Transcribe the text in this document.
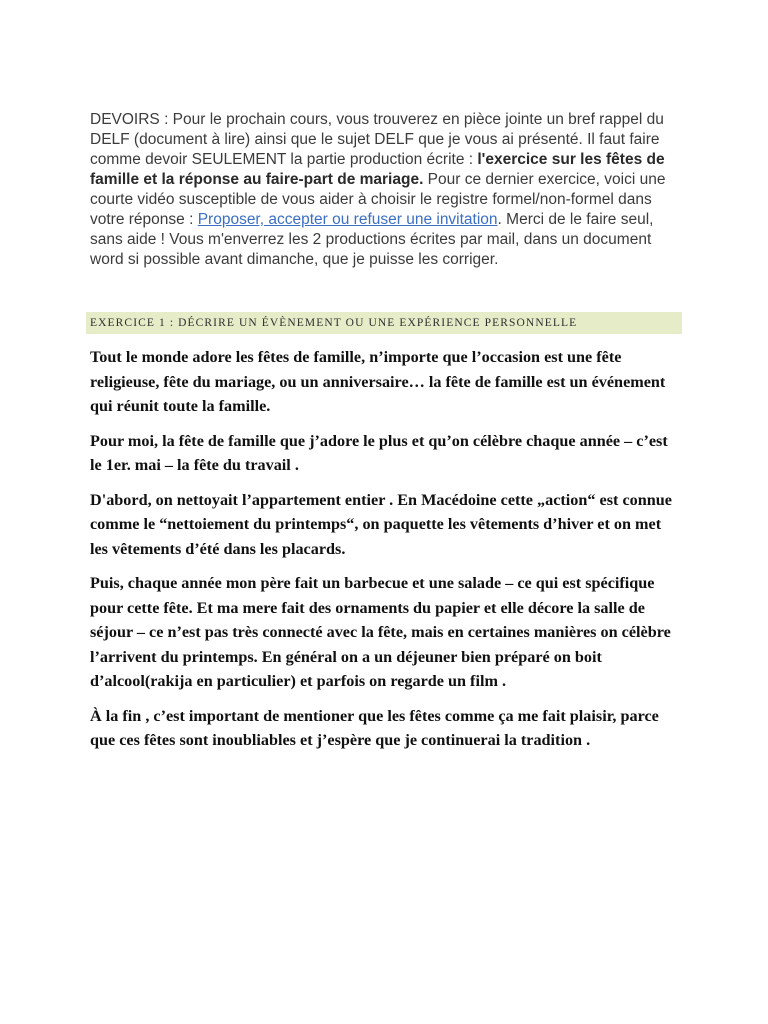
DEVOIRS : Pour le prochain cours, vous trouverez en pièce jointe un bref rappel du DELF (document à lire) ainsi que le sujet DELF que je vous ai présenté. Il faut faire comme devoir SEULEMENT la partie production écrite : l'exercice sur les fêtes de famille et la réponse au faire-part de mariage. Pour ce dernier exercice, voici une courte vidéo susceptible de vous aider à choisir le registre formel/non-formel dans votre réponse : Proposer, accepter ou refuser une invitation. Merci de le faire seul, sans aide ! Vous m'enverrez les 2 productions écrites par mail, dans un document word si possible avant dimanche, que je puisse les corriger.

EXERCICE 1 : DÉCRIRE UN ÉVÈNEMENT OU UNE EXPÉRIENCE PERSONNELLE

Tout le monde adore les fêtes de famille, n’importe que l’occasion est une fête religieuse, fête du mariage, ou un anniversaire… la fête de famille est un événement qui réunit toute la famille.

Pour moi, la fête de famille que j’adore le plus et qu’on célèbre chaque année – c’est le 1er. mai – la fête du travail .

D'abord, on nettoyait l’appartement entier . En Macédoine cette „action“ est connue comme le “nettoiement du printemps“, on paquette les vêtements d’hiver et on met les vêtements d’été dans les placards.

Puis, chaque année mon père fait un barbecue et une salade – ce qui est spécifique pour cette fête. Et ma mere fait des ornaments du papier et elle décore la salle de séjour – ce n’est pas très connecté avec la fête, mais en certaines manières on célèbre l’arrivent du printemps. En général on a un déjeuner bien préparé on boit d’alcool(rakija en particulier) et parfois on regarde un film .

À la fin , c’est important de mentioner que les fêtes comme ça me fait plaisir, parce que ces fêtes sont inoubliables et j’espère que je continuerai la tradition .
